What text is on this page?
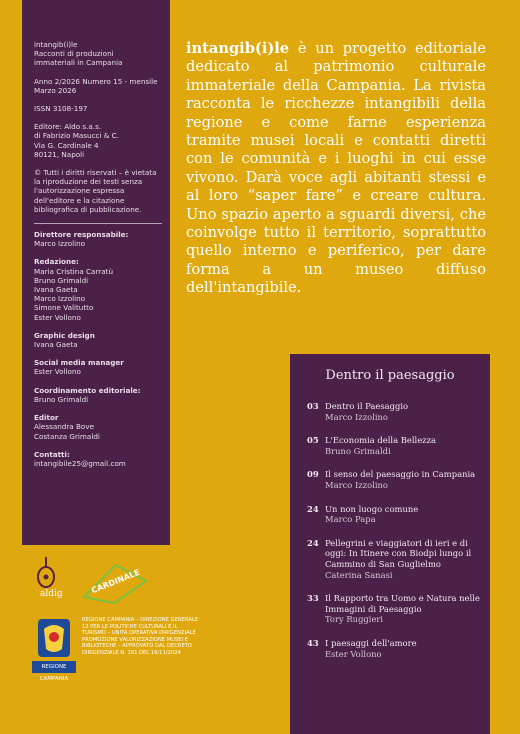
intangib(i)le
Racconti di produzioni
immateriali in Campania
Anno 2/2026 Numero 15 - mensile
Marzo 2026
ISSN 3108-197
Editore: Aldo s.a.s.
di Fabrizio Masucci & C.
Via G. Cardinale 4
80121, Napoli
© Tutti i diritti riservati – è vietata
la riproduzione dei testi senza
l'autorizzazione espressa
dell'editore e la citazione
bibliografica di pubblicazione.
Direttore responsabile:
Marco Izzolino
Redazione:
Maria Cristina Carratù
Bruno Grimaldi
Ivana Gaeta
Marco Izzolino
Simone Valitutto
Ester Vollono
Graphic design
Ivana Gaeta
Social media manager
Ester Vollono
Coordinamento editoriale:
Bruno Grimaldi
Editor
Alessandra Bove
Costanza Grimaldi
Contatti:
intangibile25@gmail.com
intangib(i)le è un progetto editoriale dedicato al patrimonio culturale immateriale della Campania. La rivista racconta le ricchezze intangibili della regione e come farne esperienza tramite musei locali e contatti diretti con le comunità e i luoghi in cui esse vivono. Darà voce agli abitanti stessi e al loro “saper fare” e creare cultura. Uno spazio aperto a sguardi diversi, che coinvolge tutto il territorio, soprattutto quello interno e periferico, per dare forma a un museo diffuso dell'intangibile.
Dentro il paesaggio
03 Dentro il Paesaggio
Marco Izzolino
05 L'Economia della Bellezza
Bruno Grimaldi
09 Il senso del paesaggio in Campania
Marco Izzolino
24 Un non luogo comune
Marco Papa
24 Pellegrini e viaggiatori di ieri e di oggi: In Itinere con Biodpi lungo il Cammino di San Guglielmo
Caterina Sanasi
33 Il Rapporto tra Uomo e Natura nelle Immagini di Paesaggio
Tory Ruggieri
43 I paesaggi dell'amore
Ester Vollono
aldig	CARDINALE
REGIONE CAMPANIA
REGIONE CAMPANIA – DIREZIONE GENERALE 12 PER LE POLITICHE CULTURALI E IL TURISMO – UNITÀ OPERATIVA DIRIGENZIALE PROMOZIONE VALORIZZAZIONE MUSEI E BIBLIOTECHE – APPROVATO DAL DECRETO DIRIGENZIALE N. 181 DEL 16/11/2024
